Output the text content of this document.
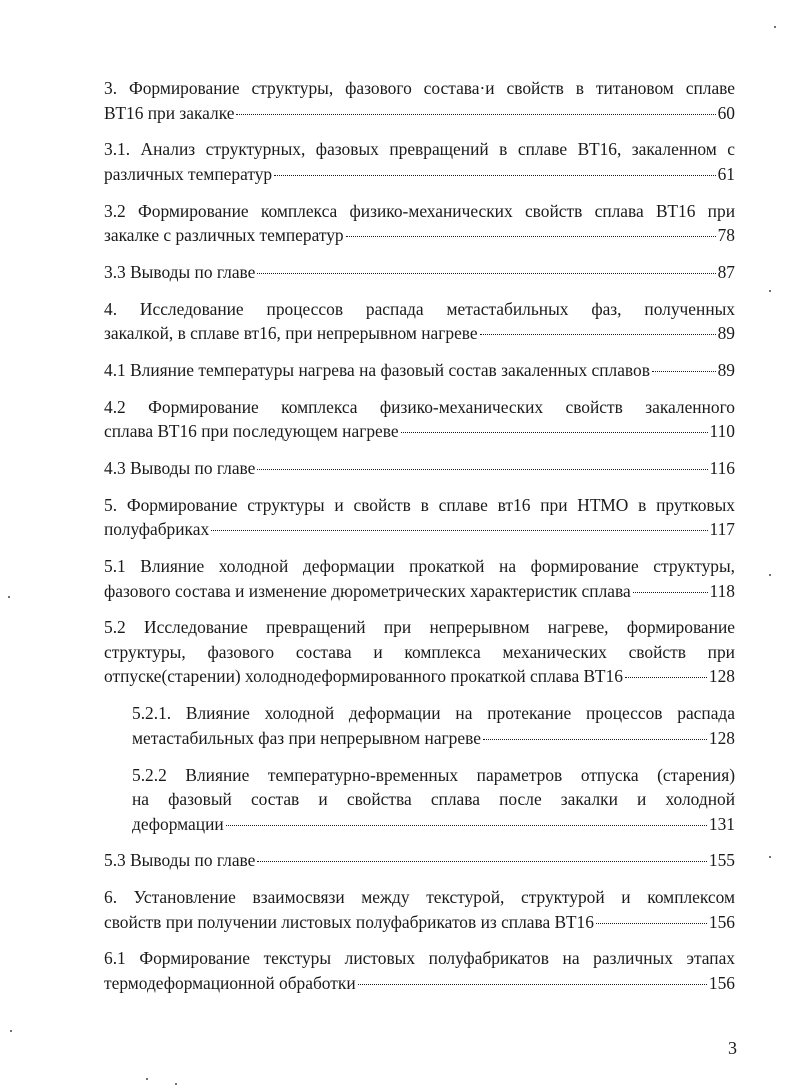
3. Формирование структуры, фазового состава·и свойств в титановом сплаве
ВТ16 при закалке	60
3.1. Анализ структурных, фазовых превращений в сплаве ВТ16, закаленном с
различных температур	61
3.2 Формирование комплекса физико-механических свойств сплава ВТ16 при
закалке с различных температур	78
3.3 Выводы по главе	87
4. Исследование процессов распада метастабильных фаз, полученных
закалкой, в сплаве вт16, при непрерывном нагреве	89
4.1 Влияние температуры нагрева на фазовый состав закаленных сплавов	89
4.2 Формирование комплекса физико-механических свойств закаленного
сплава ВТ16 при последующем нагреве	110
4.3 Выводы по главе	116
5. Формирование структуры и свойств в сплаве вт16 при НТМО в прутковых
полуфабриках	117
5.1 Влияние холодной деформации прокаткой на формирование структуры,
фазового состава и изменение дюрометрических характеристик сплава	118
5.2 Исследование превращений при непрерывном нагреве, формирование
структуры, фазового состава и комплекса механических свойств при
отпуске(старении) холоднодеформированного прокаткой сплава ВТ16	128
5.2.1. Влияние холодной деформации на протекание процессов распада
метастабильных фаз при непрерывном нагреве	128
5.2.2 Влияние температурно-временных параметров отпуска (старения)
на фазовый состав и свойства сплава после закалки и холодной
деформации	131
5.3 Выводы по главе	155
6. Установление взаимосвязи между текстурой, структурой и комплексом
свойств при получении листовых полуфабрикатов из сплава ВТ16	156
6.1 Формирование текстуры листовых полуфабрикатов на различных этапах
термодеформационной обработки	156
3
